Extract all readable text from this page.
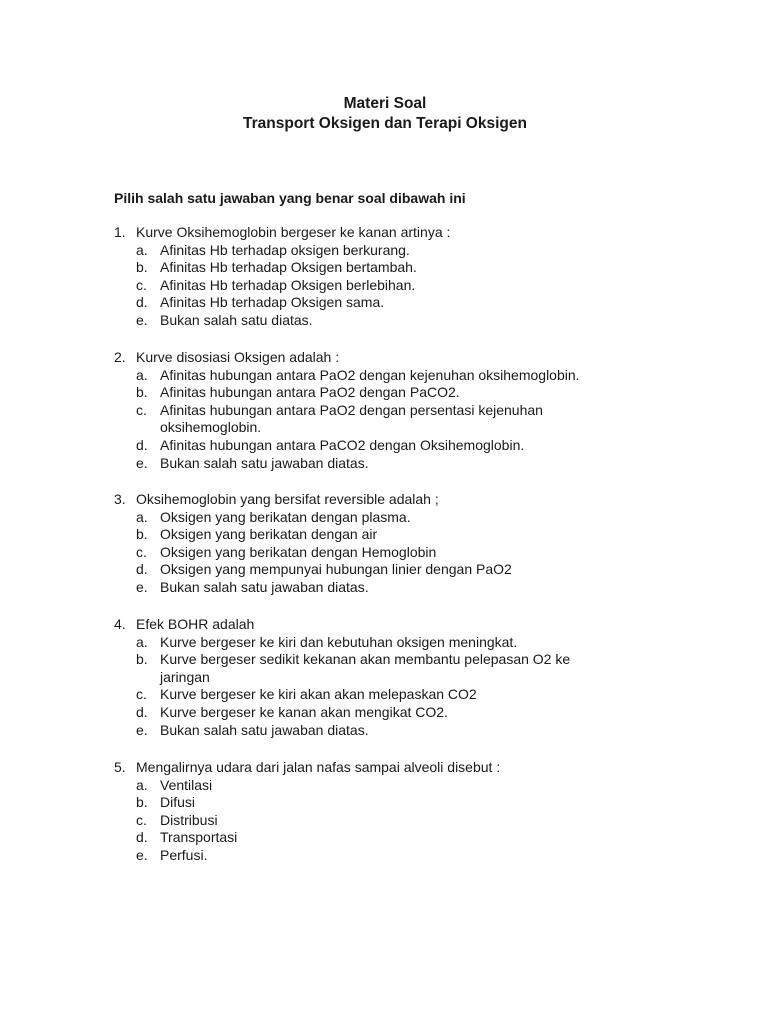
Materi Soal
Transport Oksigen dan Terapi Oksigen
Pilih salah satu jawaban yang benar soal dibawah ini
1. Kurve Oksihemoglobin bergeser ke kanan artinya :
a. Afinitas Hb terhadap oksigen berkurang.
b. Afinitas Hb terhadap Oksigen bertambah.
c. Afinitas Hb terhadap Oksigen berlebihan.
d. Afinitas Hb terhadap Oksigen sama.
e. Bukan salah satu diatas.
2. Kurve disosiasi Oksigen adalah :
a. Afinitas hubungan antara PaO2 dengan kejenuhan oksihemoglobin.
b. Afinitas hubungan antara PaO2 dengan PaCO2.
c. Afinitas hubungan antara PaO2 dengan persentasi kejenuhan
oksihemoglobin.
d. Afinitas hubungan antara PaCO2 dengan Oksihemoglobin.
e. Bukan salah satu jawaban diatas.
3. Oksihemoglobin yang bersifat reversible adalah ;
a. Oksigen yang berikatan dengan plasma.
b. Oksigen yang berikatan dengan air
c. Oksigen yang berikatan dengan Hemoglobin
d. Oksigen yang mempunyai hubungan linier dengan PaO2
e. Bukan salah satu jawaban diatas.
4. Efek BOHR adalah
a. Kurve bergeser ke kiri dan kebutuhan oksigen meningkat.
b. Kurve bergeser sedikit kekanan akan membantu pelepasan O2 ke
jaringan
c. Kurve bergeser ke kiri akan akan melepaskan CO2
d. Kurve bergeser ke kanan akan mengikat CO2.
e. Bukan salah satu jawaban diatas.
5. Mengalirnya udara dari jalan nafas sampai alveoli disebut :
a. Ventilasi
b. Difusi
c. Distribusi
d. Transportasi
e. Perfusi.
